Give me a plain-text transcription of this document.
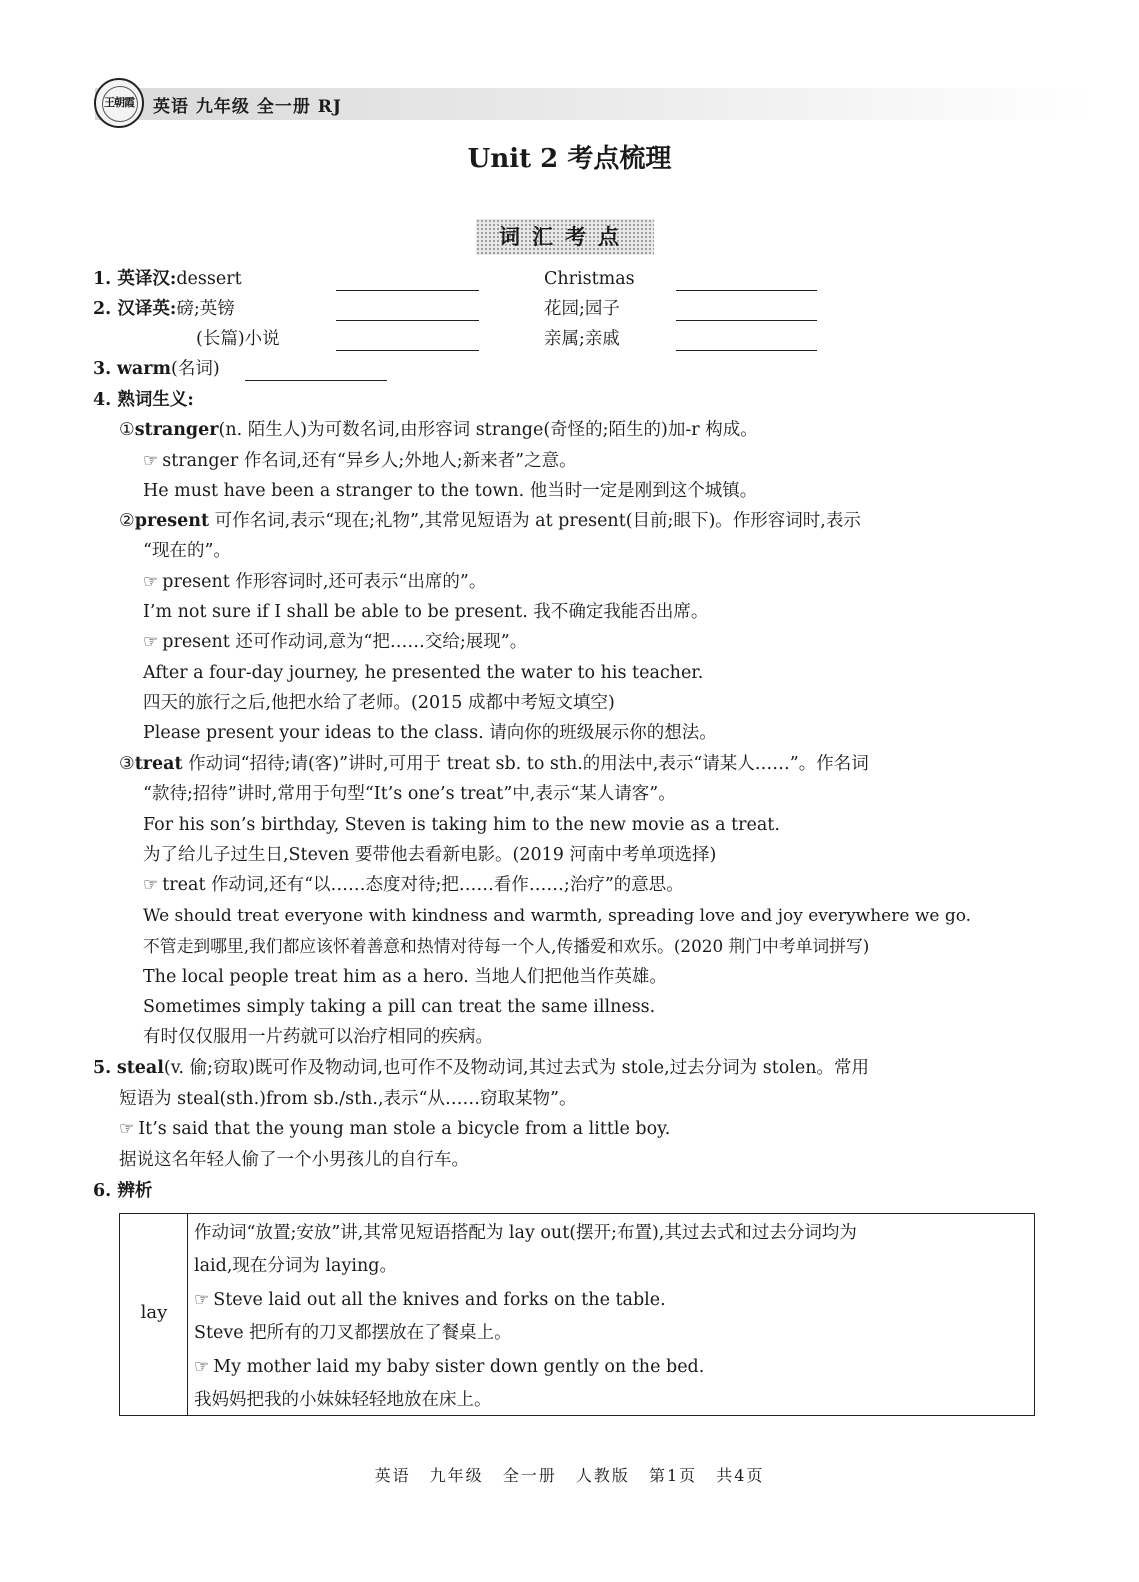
王朝霞	英语 九年级 全一册 RJ
Unit 2 考点梳理
词汇考点
1. 英译汉:dessert	Christmas
2. 汉译英:磅;英镑	花园;园子
(长篇)小说	亲属;亲戚
3. warm(名词)
4. 熟词生义:
①stranger(n. 陌生人)为可数名词,由形容词 strange(奇怪的;陌生的)加-r 构成。
☞ stranger 作名词,还有“异乡人;外地人;新来者”之意。
He must have been a stranger to the town. 他当时一定是刚到这个城镇。
②present 可作名词,表示“现在;礼物”,其常见短语为 at present(目前;眼下)。作形容词时,表示
“现在的”。
☞ present 作形容词时,还可表示“出席的”。
I’m not sure if I shall be able to be present. 我不确定我能否出席。
☞ present 还可作动词,意为“把……交给;展现”。
After a four-day journey, he presented the water to his teacher.
四天的旅行之后,他把水给了老师。(2015 成都中考短文填空)
Please present your ideas to the class. 请向你的班级展示你的想法。
③treat 作动词“招待;请(客)”讲时,可用于 treat sb. to sth.的用法中,表示“请某人……”。作名词
“款待;招待”讲时,常用于句型“It’s one’s treat”中,表示“某人请客”。
For his son’s birthday, Steven is taking him to the new movie as a treat.
为了给儿子过生日,Steven 要带他去看新电影。(2019 河南中考单项选择)
☞ treat 作动词,还有“以……态度对待;把……看作……;治疗”的意思。
We should treat everyone with kindness and warmth, spreading love and joy everywhere we go.
不管走到哪里,我们都应该怀着善意和热情对待每一个人,传播爱和欢乐。(2020 荆门中考单词拼写)
The local people treat him as a hero. 当地人们把他当作英雄。
Sometimes simply taking a pill can treat the same illness.
有时仅仅服用一片药就可以治疗相同的疾病。
5. steal(v. 偷;窃取)既可作及物动词,也可作不及物动词,其过去式为 stole,过去分词为 stolen。常用
短语为 steal(sth.)from sb./sth.,表示“从……窃取某物”。
☞ It’s said that the young man stole a bicycle from a little boy.
据说这名年轻人偷了一个小男孩儿的自行车。
6. 辨析
lay
作动词“放置;安放”讲,其常见短语搭配为 lay out(摆开;布置),其过去式和过去分词均为
laid,现在分词为 laying。
☞ Steve laid out all the knives and forks on the table.
Steve 把所有的刀叉都摆放在了餐桌上。
☞ My mother laid my baby sister down gently on the bed.
我妈妈把我的小妹妹轻轻地放在床上。
英语 九年级 全一册 人教版 第1页 共4页
